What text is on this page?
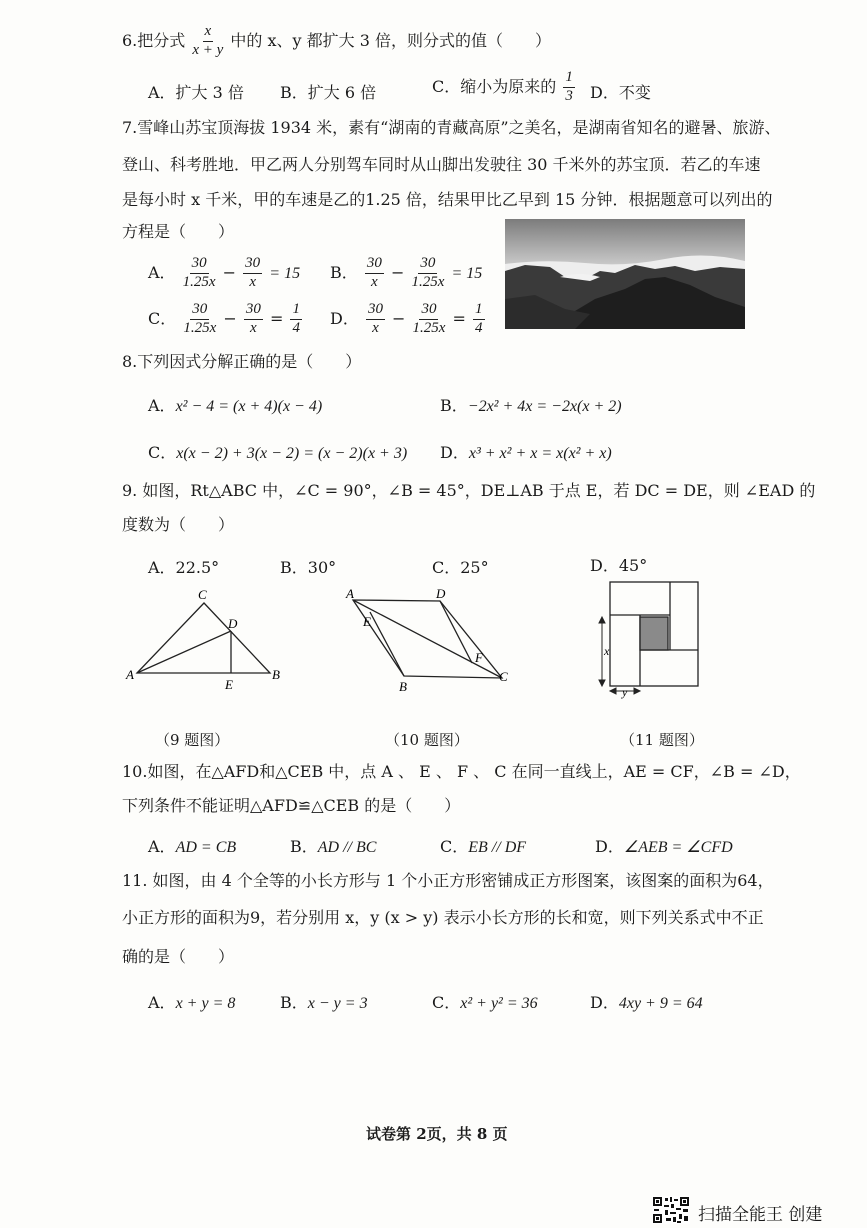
6.把分式 $\frac{x}{x + y}$ 中的 x、y 都扩大 3 倍，则分式的值（　　）
A．扩大 3 倍 B．扩大 6 倍	C．缩小为原来的 $\frac{1}{3}$ D．不变
7.雪峰山苏宝顶海拔 1934 米，素有“湖南的青藏高原”之美名，是湖南省知名的避暑、旅游、
登山、科考胜地．甲乙两人分别驾车同时从山脚出发驶往 30 千米外的苏宝顶．若乙的车速
是每小时 x 千米，甲的车速是乙的1.25 倍，结果甲比乙早到 15 分钟．根据题意可以列出的
方程是（　　）
A． $\frac{30}{1.25x} - \frac{30}{x} = 15$ B． $\frac{30}{x} - \frac{30}{1.25x} = 15$
C． $\frac{30}{1.25x} - \frac{30}{x} = \frac{1}{4}$ D． $\frac{30}{x} - \frac{30}{1.25x} = \frac{1}{4}$
8.下列因式分解正确的是（　　）
A．x² − 4 = (x + 4)(x − 4)	B．−2x² + 4x = −2x(x + 2)
C．x(x − 2) + 3(x − 2) = (x − 2)(x + 3) D．x³ + x² + x = x(x² + x)
9. 如图，Rt△ABC 中，∠C = 90°，∠B = 45°，DE⊥AB 于点 E，若 DC = DE，则 ∠EAD 的
度数为（　　）
A．22.5°	B．30°	C．25°	D．45°
A	B
C
D
E
（9 题图）
A	D
E
F
C
B
（10 题图）
x
y
（11 题图）
10.如图，在△AFD和△CEB 中，点 A 、 E 、 F 、 C 在同一直线上，AE = CF，∠B = ∠D，
下列条件不能证明△AFD≌△CEB 的是（　　）
A．AD = CB	B．AD // BC	C．EB // DF	D．∠AEB = ∠CFD
11. 如图，由 4 个全等的小长方形与 1 个小正方形密铺成正方形图案，该图案的面积为64，
小正方形的面积为9，若分别用 x，y (x > y) 表示小长方形的长和宽，则下列关系式中不正
确的是（　　）
A．x + y = 8	B．x − y = 3	C．x² + y² = 36	D．4xy + 9 = 64
试卷第 2页，共 8 页
扫描全能王 创建
